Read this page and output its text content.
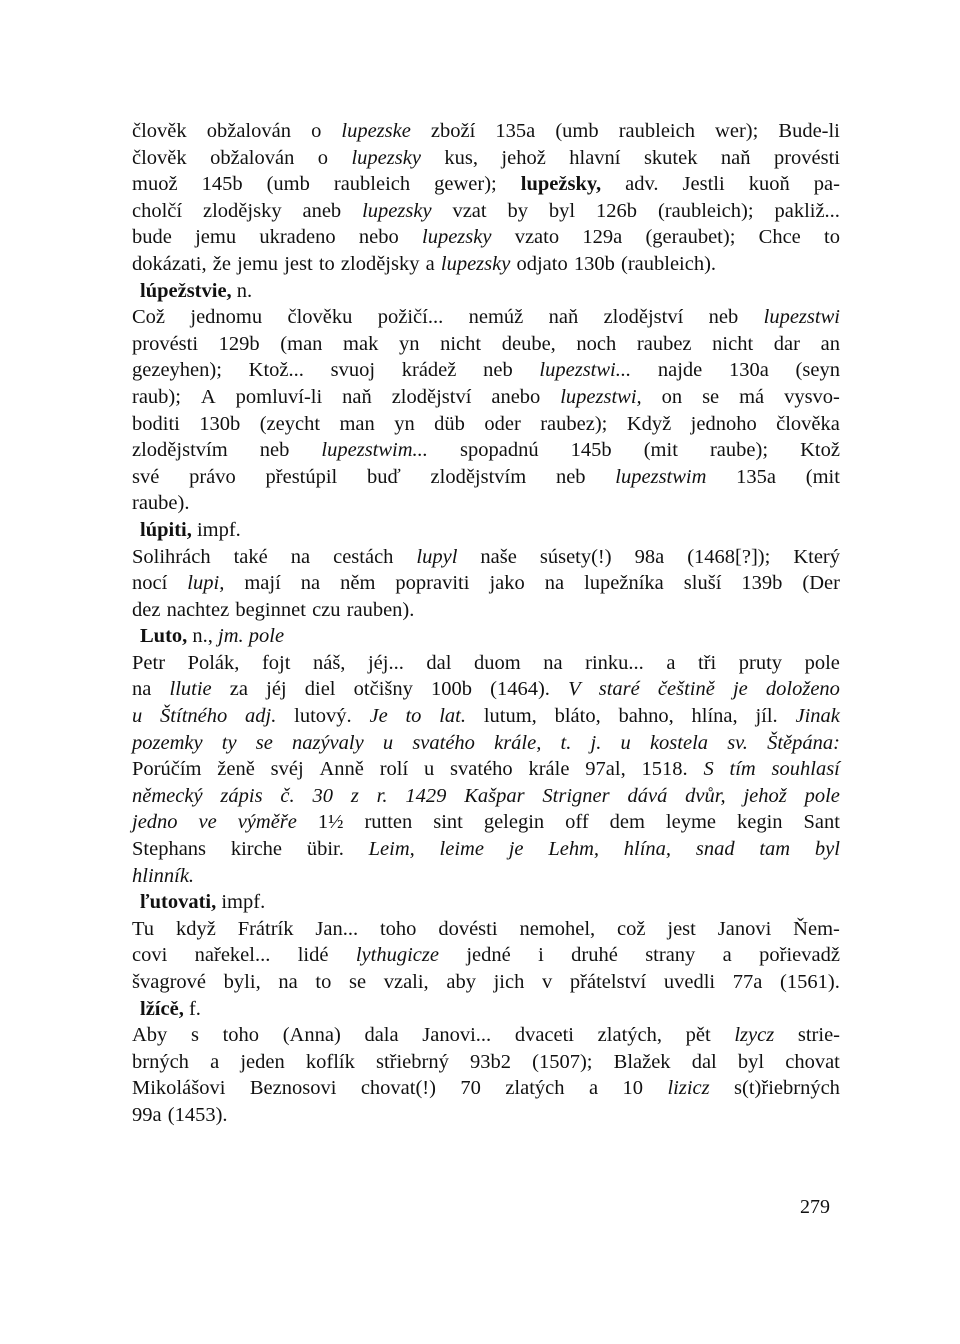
člověk obžalován o lupezske zboží 135a (umb raubleich wer); Bude-li
člověk obžalován o lupezsky kus, jehož hlavní skutek naň provésti
muož 145b (umb raubleich gewer); lupežsky, adv. Jestli kuoň pa-
cholčí zlodějsky aneb lupezsky vzat by byl 126b (raubleich); pakliž...
bude jemu ukradeno nebo lupezsky vzato 129a (geraubet); Chce to
dokázati, že jemu jest to zlodějsky a lupezsky odjato 130b (raubleich).
lúpežstvie,
n.
Což jednomu člověku požičí... nemúž naň zlodějství neb lupezstwi
provésti 129b (man mak yn nicht deube, noch raubez nicht dar an
gezeyhen); Ktož... svuoj krádež neb lupezstwi... najde 130a (seyn
raub); A pomluví-li naň zlodějství anebo lupezstwi, on se má vysvo-
boditi 130b (zeycht man yn düb oder raubez); Když jednoho člověka
zlodějstvím neb lupezstwim... spopadnú 145b (mit raube); Ktož
své právo přestúpil buď zlodějstvím neb lupezstwim 135a (mit
raube).
lúpiti,
impf.
Solihrách také na cestách lupyl naše súsety(!) 98a (1468[?]); Který
nocí lupi, mají na něm popraviti jako na lupežníka sluší 139b (Der
dez nachtez beginnet czu rauben).
Luto,
n.,
jm.
pole
Petr Polák, fojt náš, jéj... dal duom na rinku... a tři pruty pole
na llutie za jéj diel otčišny 100b (1464). V staré češtině je doloženo
u Štítného adj. lutový. Je to lat. lutum, bláto, bahno, hlína, jíl. Jinak
pozemky ty se nazývaly u svatého krále, t. j. u kostela sv. Štěpána:
Porúčím ženě svéj Anně rolí u svatého krále 97al, 1518. S tím souhlasí
německý zápis č. 30 z r. 1429 Kašpar Strigner dává dvůr, jehož pole
jedno ve výměře 1½ rutten sint gelegin off dem leyme kegin Sant
Stephans kirche übir. Leim, leime je Lehm, hlína, snad tam byl
hlinník.
ľutovati,
impf.
Tu když Frátrík Jan... toho dovésti nemohel, což jest Janovi Ňem-
covi nařekel... lidé lythugicze jedné i druhé strany a pořievadž
švagrové byli, na to se vzali, aby jich v přátelství uvedli 77a (1561).
lžícě,
f.
Aby s toho (Anna) dala Janovi... dvaceti zlatých, pět lzycz strie-
brných a jeden koflík střiebrný 93b2 (1507); Blažek dal byl chovat
Mikolášovi Beznosovi chovat(!) 70 zlatých a 10 lizicz s(t)řiebrných
99a (1453).
279
